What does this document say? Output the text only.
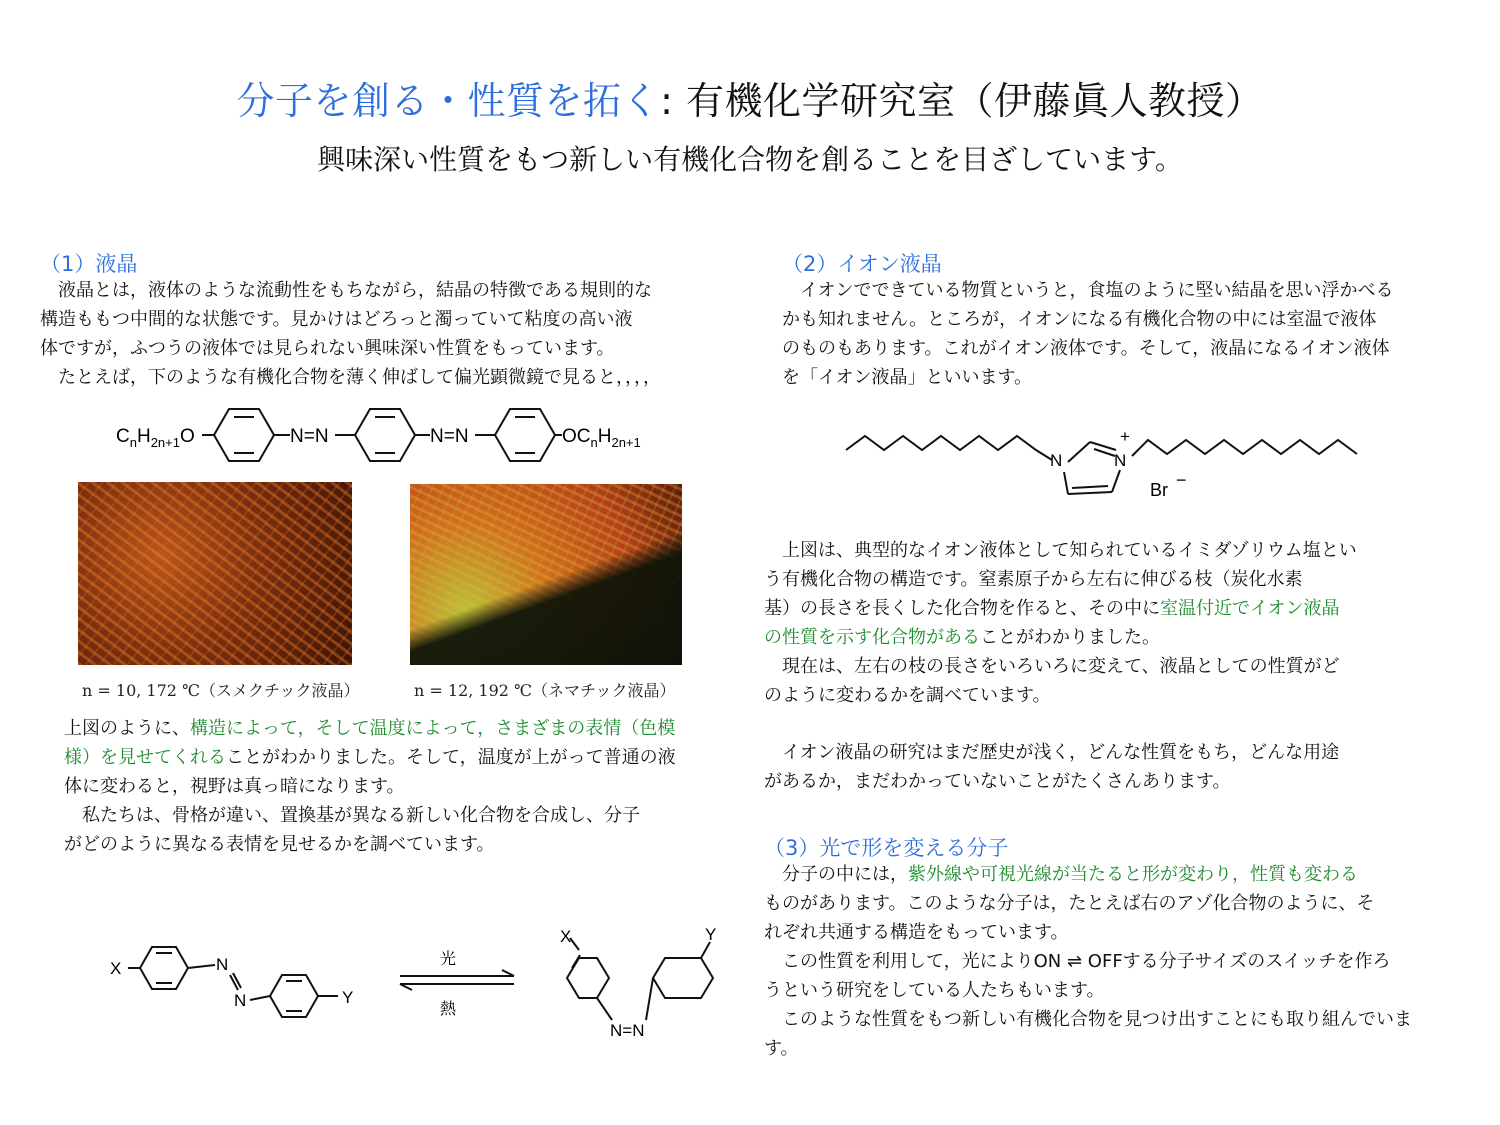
分子を創る・性質を拓く: 有機化学研究室（伊藤眞人教授）
興味深い性質をもつ新しい有機化合物を創ることを目ざしています。
（1）液晶
　液晶とは，液体のような流動性をもちながら，結晶の特徴である規則的な
構造ももつ中間的な状態です。見かけはどろっと濁っていて粘度の高い液
体ですが，ふつうの液体では見られない興味深い性質をもっています。
　たとえば，下のような有機化合物を薄く伸ばして偏光顕微鏡で見ると，，，，
$C_nH_{2n+1}O$	N=N	N=N	$OC_nH_{2n+1}$
n = 10, 172 ℃（スメクチック液晶）	n = 12, 192 ℃（ネマチック液晶）
上図のように、構造によって，そして温度によって，さまざまの表情（色模
様）を見せてくれることがわかりました。そして，温度が上がって普通の液
体に変わると，視野は真っ暗になります。
　私たちは、骨格が違い、置換基が異なる新しい化合物を合成し、分子
がどのように異なる表情を見せるかを調べています。
X	N
N	Y
光
熱
X	Y
N=N
（2）イオン液晶
　イオンでできている物質というと，食塩のように堅い結晶を思い浮かべる
かも知れません。ところが，イオンになる有機化合物の中には室温で液体
のものもあります。これがイオン液体です。そして，液晶になるイオン液体
を「イオン液晶」といいます。
N	N
+
Br −
　上図は、典型的なイオン液体として知られているイミダゾリウム塩とい
う有機化合物の構造です。窒素原子から左右に伸びる枝（炭化水素
基）の長さを長くした化合物を作ると、その中に室温付近でイオン液晶
の性質を示す化合物があることがわかりました。
　現在は、左右の枝の長さをいろいろに変えて、液晶としての性質がど
のように変わるかを調べています。
　イオン液晶の研究はまだ歴史が浅く，どんな性質をもち，どんな用途
があるか，まだわかっていないことがたくさんあります。
（3）光で形を変える分子
　分子の中には，紫外線や可視光線が当たると形が変わり，性質も変わる
ものがあります。このような分子は，たとえば右のアゾ化合物のように、そ
れぞれ共通する構造をもっています。
　この性質を利用して，光によりON ⇌ OFFする分子サイズのスイッチを作ろ
うという研究をしている人たちもいます。
　このような性質をもつ新しい有機化合物を見つけ出すことにも取り組んでいま
す。
